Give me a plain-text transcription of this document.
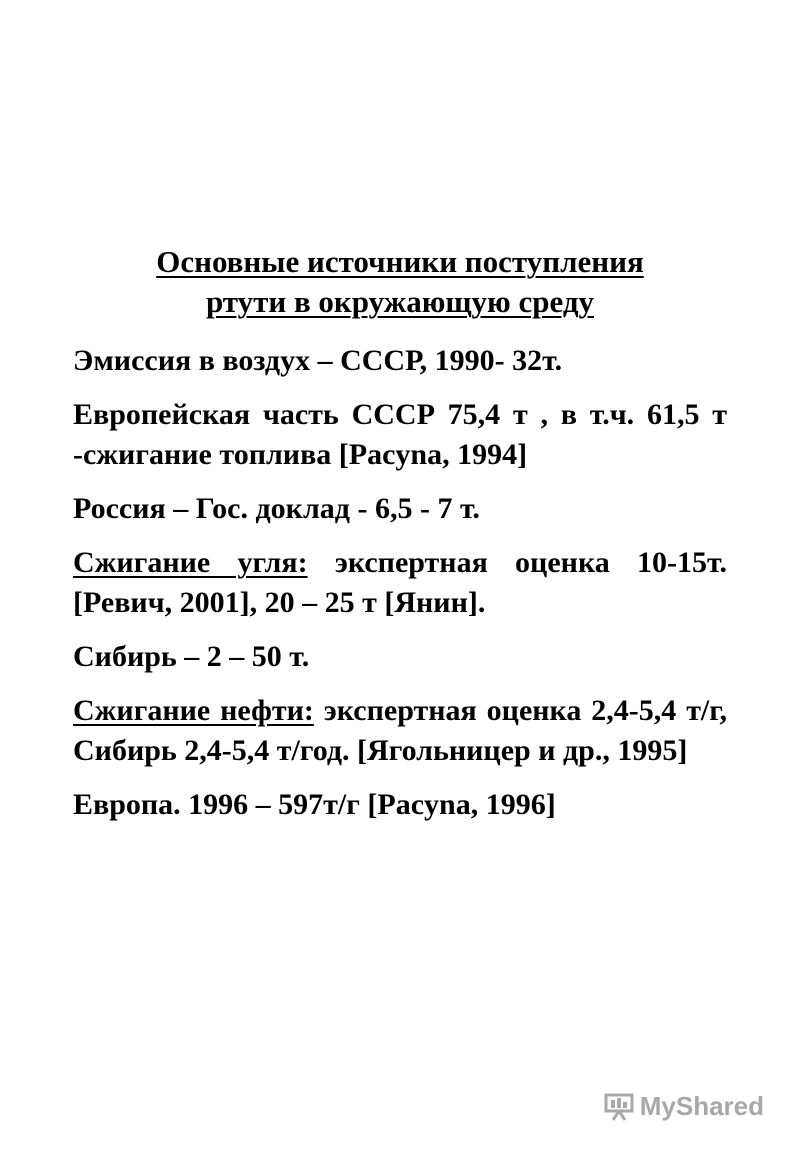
Основные источники поступления
ртути в окружающую среду

Эмиссия в воздух – СССР, 1990- 32т.

Европейская часть СССР 75,4 т , в т.ч. 61,5 т -сжигание топлива [Pacyna, 1994]

Россия – Гос. доклад - 6,5 - 7 т.

Сжигание угля: экспертная оценка 10-15т.[Ревич, 2001], 20 – 25 т [Янин].

Сибирь – 2 – 50 т.

Сжигание нефти: экспертная оценка 2,4-5,4 т/г, Сибирь 2,4-5,4 т/год. [Ягольницер и др., 1995]

Европа. 1996 – 597т/г [Pacyna, 1996]

MyShared
